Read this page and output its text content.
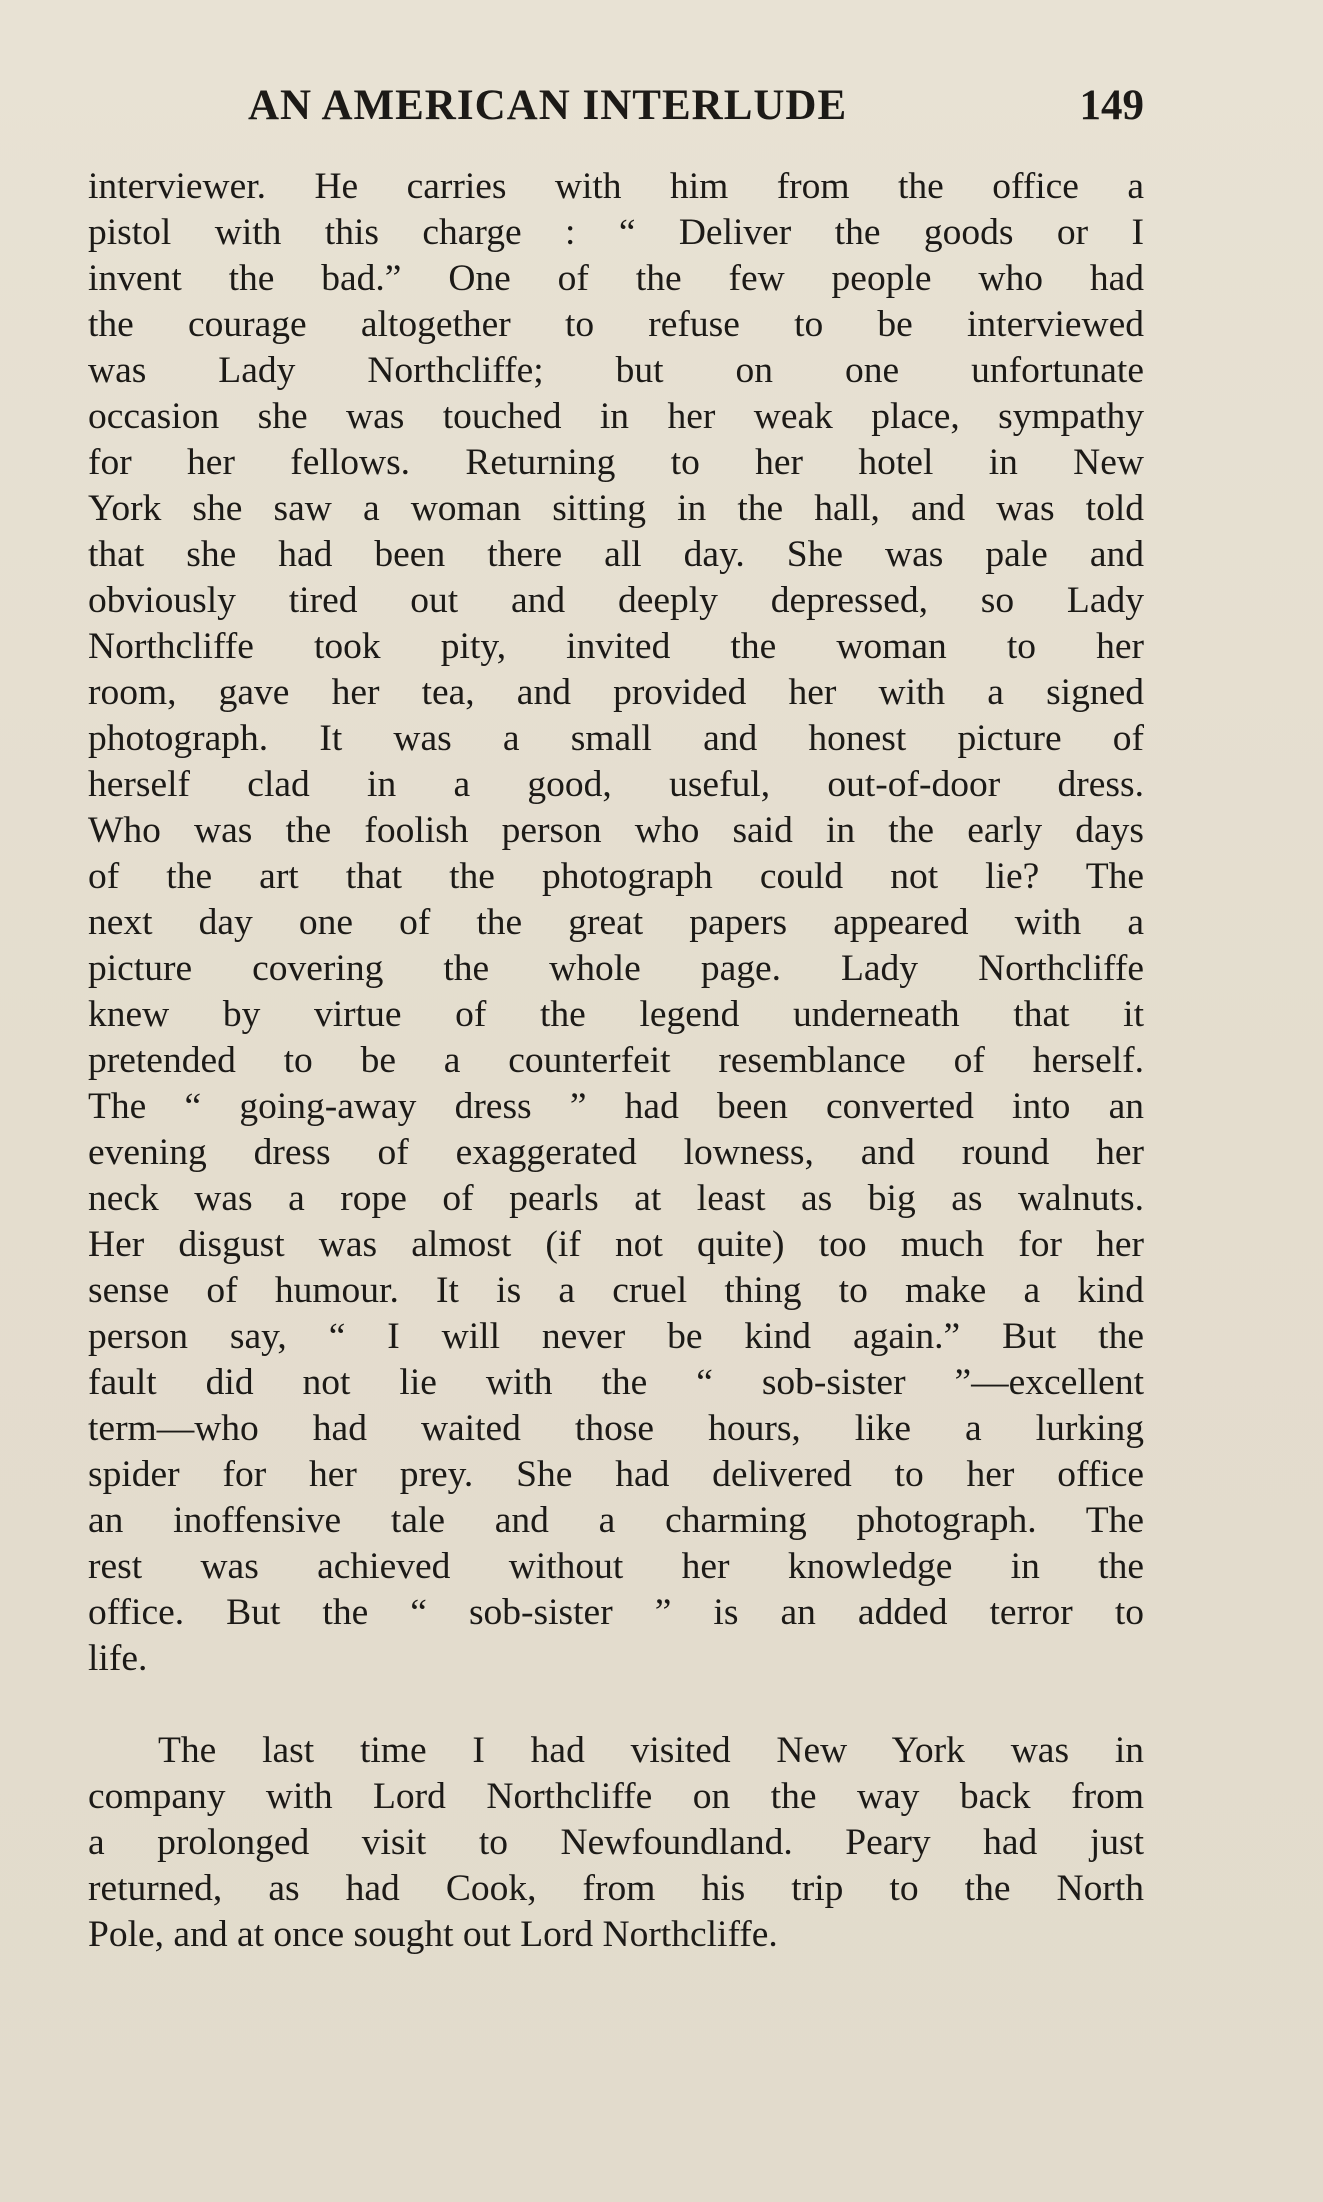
AN AMERICAN INTERLUDE	149
interviewer. He carries with him from the office a
pistol with this charge : “ Deliver the goods or I
invent the bad.” One of the few people who had
the courage altogether to refuse to be interviewed
was Lady Northcliffe; but on one unfortunate
occasion she was touched in her weak place, sympathy
for her fellows. Returning to her hotel in New
York she saw a woman sitting in the hall, and was told
that she had been there all day. She was pale and
obviously tired out and deeply depressed, so Lady
Northcliffe took pity, invited the woman to her
room, gave her tea, and provided her with a signed
photograph. It was a small and honest picture of
herself clad in a good, useful, out-of-door dress.
Who was the foolish person who said in the early days
of the art that the photograph could not lie? The
next day one of the great papers appeared with a
picture covering the whole page. Lady Northcliffe
knew by virtue of the legend underneath that it
pretended to be a counterfeit resemblance of herself.
The “ going-away dress ” had been converted into an
evening dress of exaggerated lowness, and round her
neck was a rope of pearls at least as big as walnuts.
Her disgust was almost (if not quite) too much for her
sense of humour. It is a cruel thing to make a kind
person say, “ I will never be kind again.” But the
fault did not lie with the “ sob-sister ”—excellent
term—who had waited those hours, like a lurking
spider for her prey. She had delivered to her office
an inoffensive tale and a charming photograph. The
rest was achieved without her knowledge in the
office. But the “ sob-sister ” is an added terror to
life.
The last time I had visited New York was in
company with Lord Northcliffe on the way back from
a prolonged visit to Newfoundland. Peary had just
returned, as had Cook, from his trip to the North
Pole, and at once sought out Lord Northcliffe.
